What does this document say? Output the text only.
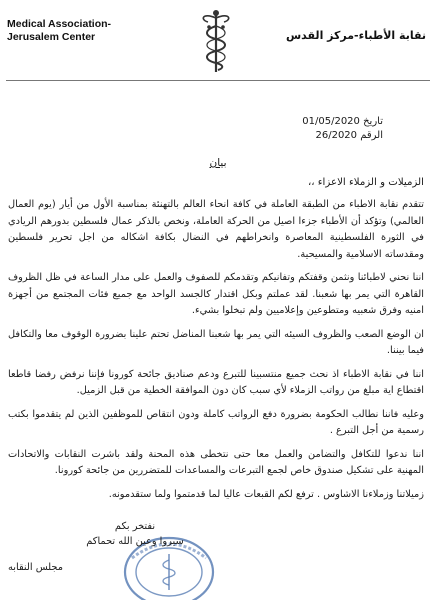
Medical Association-Jerusalem Center	نقابة الأطباء-مركز القدس
تاريخ 01/05/2020
الرقم 26/2020
بيان
الزميلات و الزملاء الاعزاء ،،

تتقدم نقابة الاطباء من الطبقة العاملة في كافة انحاء العالم بالتهنئة بمناسبة الأول من أيار (يوم العمال العالمي) وتؤكد أن الأطباء جزءا اصيل من الحركة العاملة، ونخص بالذكر عمال فلسطين بدورهم الريادي في الثورة الفلسطينية المعاصرة وانخراطهم في النضال بكافة اشكاله من اجل تحرير فلسطين ومقدساته الاسلامية والمسيحية.

اننا نحني لاطبائنا ونثمن وقفتكم وتفانيكم وتقدمكم للصفوف والعمل على مدار الساعة في ظل الظروف القاهرة التي يمر بها شعبنا. لقد عملتم وبكل اقتدار كالجسد الواحد مع جميع فئات المجتمع من أجهزة امنيه وفرق شعبيه ومتطوعين وإعلاميين ولم تبخلوا بشيء.

ان الوضع الصعب والظروف السيئه التي يمر بها شعبنا المناضل تحتم علينا بضرورة الوقوف معا والتكافل فيما بيننا.

اننا في نقابة الاطباء اذ نحث جميع منتسبينا للتبرع ودعم صناديق جائحة كورونا فإننا نرفض رفضا قاطعا اقتطاع اية مبلغ من رواتب الزملاء لأي سبب كان دون الموافقة الخطية من قبل الزميل.

وعليه فاننا نطالب الحكومة بضرورة دفع الرواتب كاملة ودون انتقاص للموظفين الذين لم يتقدموا بكتب رسمية من أجل التبرع .

اننا ندعوا للتكافل والتضامن والعمل معا حتى نتخطى هذه المحنة ولقد باشرت النقابات والاتحادات المهنية على تشكيل صندوق خاص لجمع التبرعات والمساعدات للمتضررين من جائحة كورونا.

زميلاتنا وزملاءنا الاشاوس . ترفع لكم القبعات عاليا لما قدمتموا ولما ستقدمونه.

نفتخر بكم
سيروا وعين الله تحماكم
مجلس النقابه
